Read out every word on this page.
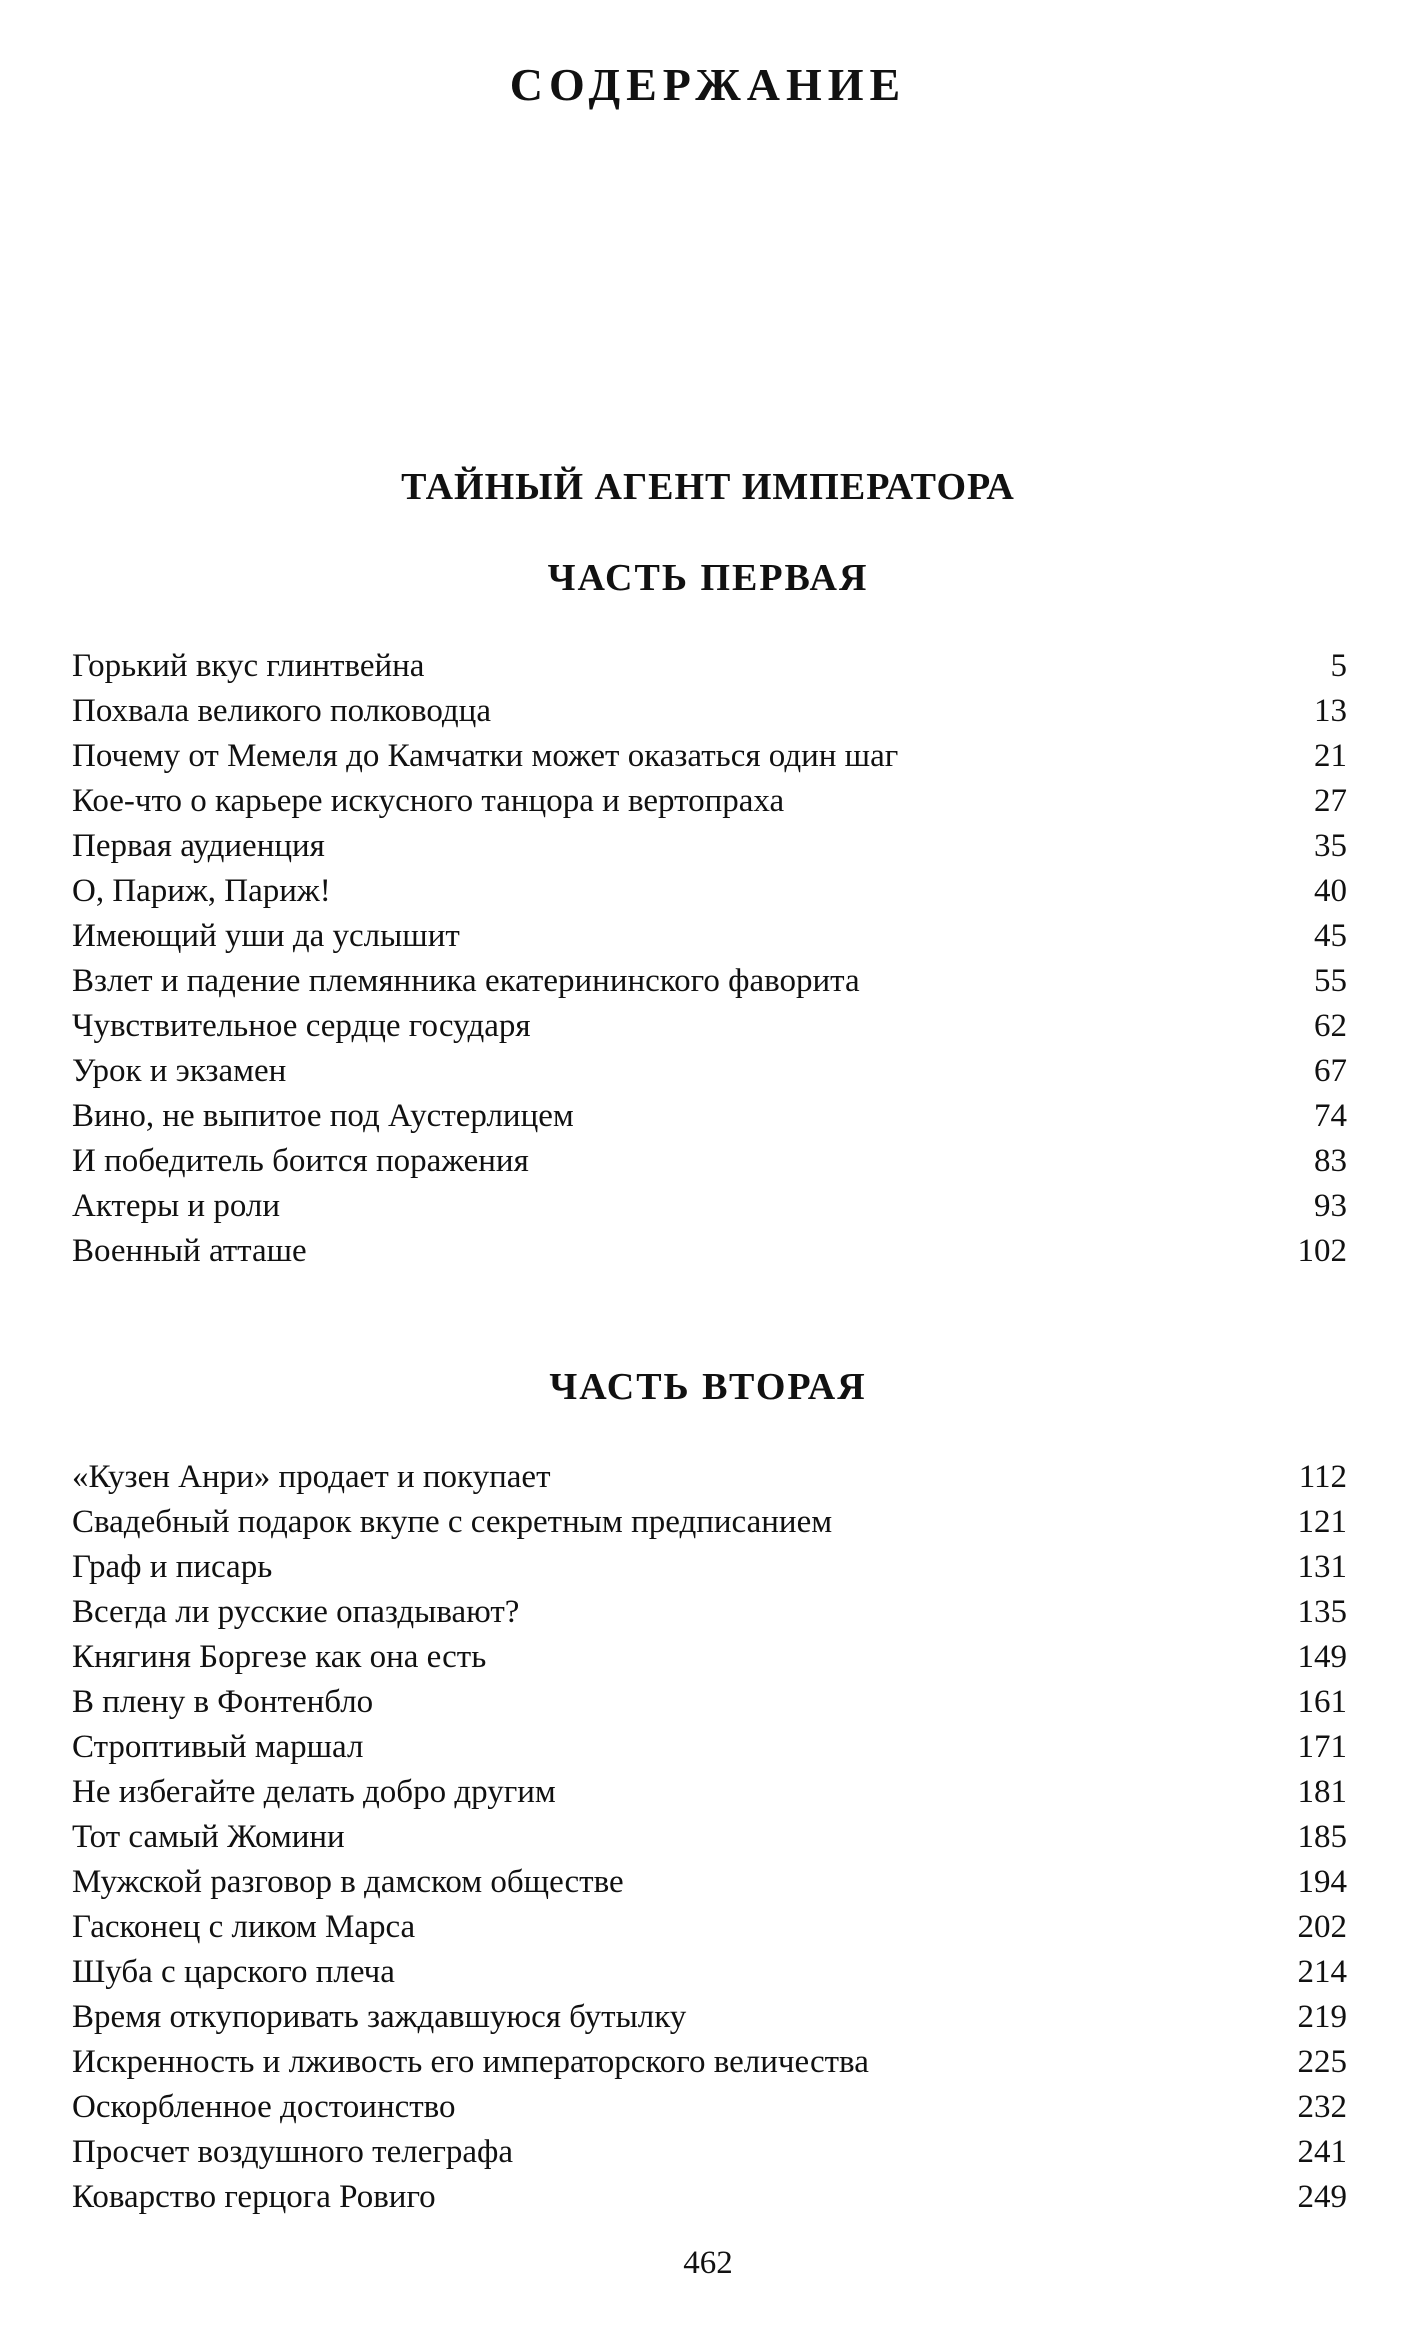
СОДЕРЖАНИЕ
ТАЙНЫЙ АГЕНТ ИМПЕРАТОРА
ЧАСТЬ ПЕРВАЯ
Горький вкус глинтвейна	5
Похвала великого полководца	13
Почему от Мемеля до Камчатки может оказаться один шаг	21
Кое-что о карьере искусного танцора и вертопраха	27
Первая аудиенция	35
О, Париж, Париж!	40
Имеющий уши да услышит	45
Взлет и падение племянника екатерининского фаворита	55
Чувствительное сердце государя	62
Урок и экзамен	67
Вино, не выпитое под Аустерлицем	74
И победитель боится поражения	83
Актеры и роли	93
Военный атташе	102
ЧАСТЬ ВТОРАЯ
«Кузен Анри» продает и покупает	112
Свадебный подарок вкупе с секретным предписанием	121
Граф и писарь	131
Всегда ли русские опаздывают?	135
Княгиня Боргезе как она есть	149
В плену в Фонтенбло	161
Строптивый маршал	171
Не избегайте делать добро другим	181
Тот самый Жомини	185
Мужской разговор в дамском обществе	194
Гасконец с ликом Марса	202
Шуба с царского плеча	214
Время откупоривать заждавшуюся бутылку	219
Искренность и лживость его императорского величества	225
Оскорбленное достоинство	232
Просчет воздушного телеграфа	241
Коварство герцога Ровиго	249

462
